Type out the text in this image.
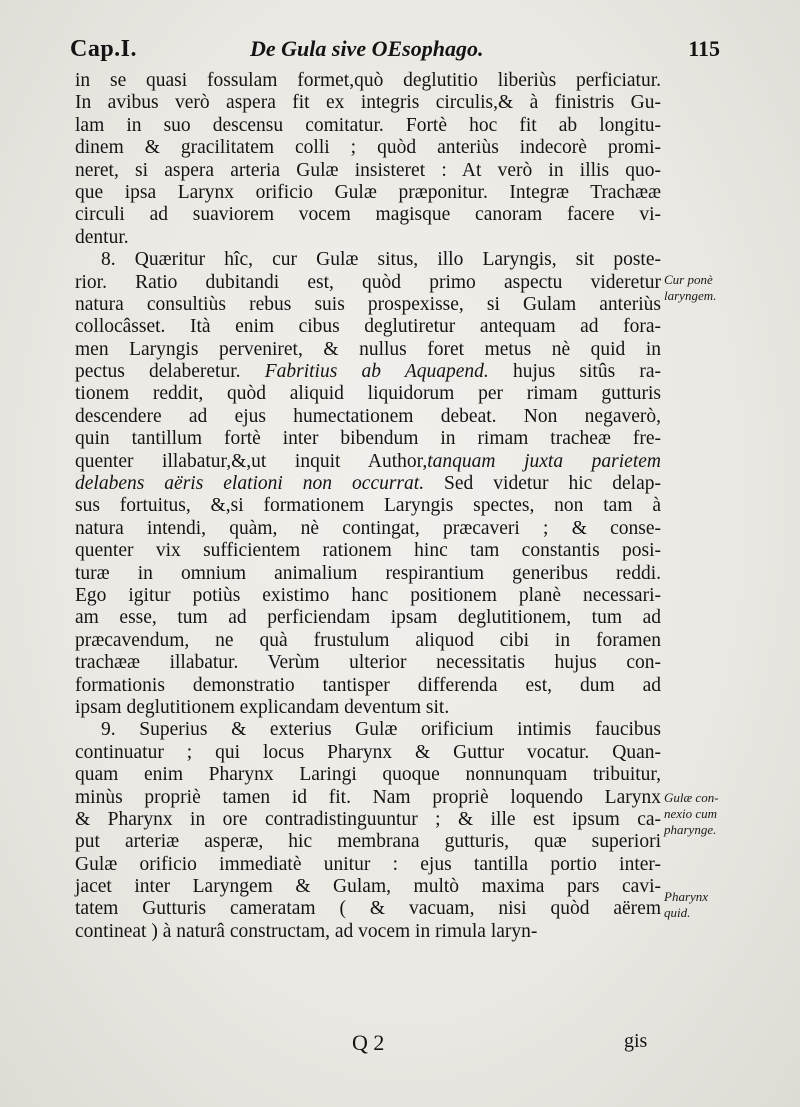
Cap.I.	De Gula sive OEsophago.	115
in se quasi fossulam formet,quò deglutitio liberiùs perficiatur.
In avibus verò aspera fit ex integris circulis,& à finistris Gu-
lam in suo descensu comitatur. Fortè hoc fit ab longitu-
dinem & gracilitatem colli ; quòd anteriùs indecorè promi-
neret, si aspera arteria Gulæ insisteret : At verò in illis quo-
que ipsa Larynx orificio Gulæ præponitur. Integræ Trachææ
circuli ad suaviorem vocem magisque canoram facere vi-
dentur.
8. Quæritur hîc, cur Gulæ situs, illo Laryngis, sit poste-
rior. Ratio dubitandi est, quòd primo aspectu videretur
natura consultiùs rebus suis prospexisse, si Gulam anteriùs
collocâsset. Ità enim cibus deglutiretur antequam ad fora-
men Laryngis perveniret, & nullus foret metus nè quid in
pectus delaberetur. Fabritius ab Aquapend. hujus sitûs ra-
tionem reddit, quòd aliquid liquidorum per rimam gutturis
descendere ad ejus humectationem debeat. Non negaverò,
quin tantillum fortè inter bibendum in rimam tracheæ fre-
quenter illabatur,&,ut inquit Author,tanquam juxta parietem
delabens aëris elationi non occurrat. Sed videtur hic delap-
sus fortuitus, &,si formationem Laryngis spectes, non tam à
natura intendi, quàm, nè contingat, præcaveri ; & conse-
quenter vix sufficientem rationem hinc tam constantis posi-
turæ in omnium animalium respirantium generibus reddi.
Ego igitur potiùs existimo hanc positionem planè necessari-
am esse, tum ad perficiendam ipsam deglutitionem, tum ad
præcavendum, ne quà frustulum aliquod cibi in foramen
trachææ illabatur. Verùm ulterior necessitatis hujus con-
formationis demonstratio tantisper differenda est, dum ad
ipsam deglutitionem explicandam deventum sit.
9. Superius & exterius Gulæ orificium intimis faucibus
continuatur ; qui locus Pharynx & Guttur vocatur. Quan-
quam enim Pharynx Laringi quoque nonnunquam tribuitur,
minùs propriè tamen id fit. Nam propriè loquendo Larynx
& Pharynx in ore contradistinguuntur ; & ille est ipsum ca-
put arteriæ asperæ, hic membrana gutturis, quæ superiori
Gulæ orificio immediatè unitur : ejus tantilla portio inter-
jacet inter Laryngem & Gulam, multò maxima pars cavi-
tatem Gutturis cameratam ( & vacuam, nisi quòd aërem
contineat ) à naturâ constructam, ad vocem in rimula laryn-
Cur ponè
laryngem.
Gulæ con-
nexio cum
pharynge.
Pharynx
quid.
Q 2	gis
